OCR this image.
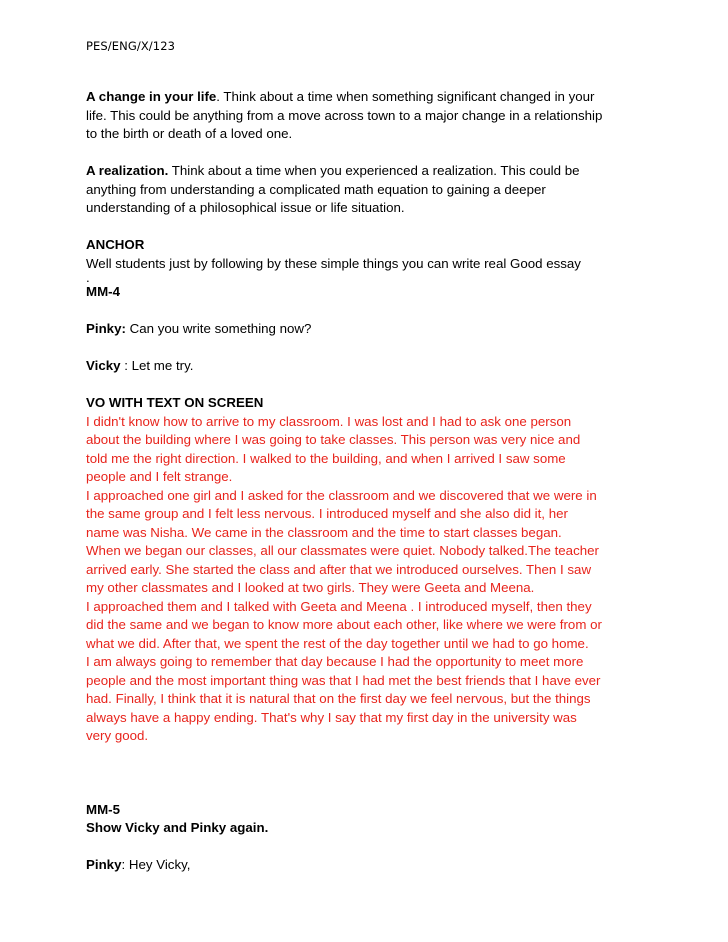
PES/ENG/X/123

A change in your life. Think about a time when something significant changed in your

life. This could be anything from a move across town to a major change in a relationship

to the birth or death of a loved one.

A realization. Think about a time when you experienced a realization. This could be

anything from understanding a complicated math equation to gaining a deeper

understanding of a philosophical issue or life situation.

ANCHOR

Well students just by following by these simple things you can write real Good essay

.

MM-4

Pinky: Can you write something now?

Vicky : Let me try.

VO WITH TEXT ON SCREEN

I didn't know how to arrive to my classroom. I was lost and I had to ask one person

about the building where I was going to take classes. This person was very nice and

told me the right direction. I walked to the building, and when I arrived I saw some

people and I felt strange.

I approached one girl and I asked for the classroom and we discovered that we were in

the same group and I felt less nervous. I introduced myself and she also did it, her

name was Nisha. We came in the classroom and the time to start classes began.

When we began our classes, all our classmates were quiet. Nobody talked.The teacher

arrived early. She started the class and after that we introduced ourselves. Then I saw

my other classmates and I looked at two girls. They were Geeta and Meena.

I approached them and I talked with Geeta and Meena . I introduced myself, then they

did the same and we began to know more about each other, like where we were from or

what we did. After that, we spent the rest of the day together until we had to go home.

I am always going to remember that day because I had the opportunity to meet more

people and the most important thing was that I had met the best friends that I have ever

had. Finally, I think that it is natural that on the first day we feel nervous, but the things

always have a happy ending. That's why I say that my first day in the university was

very good.

MM-5

Show Vicky and Pinky again.

Pinky: Hey Vicky,
